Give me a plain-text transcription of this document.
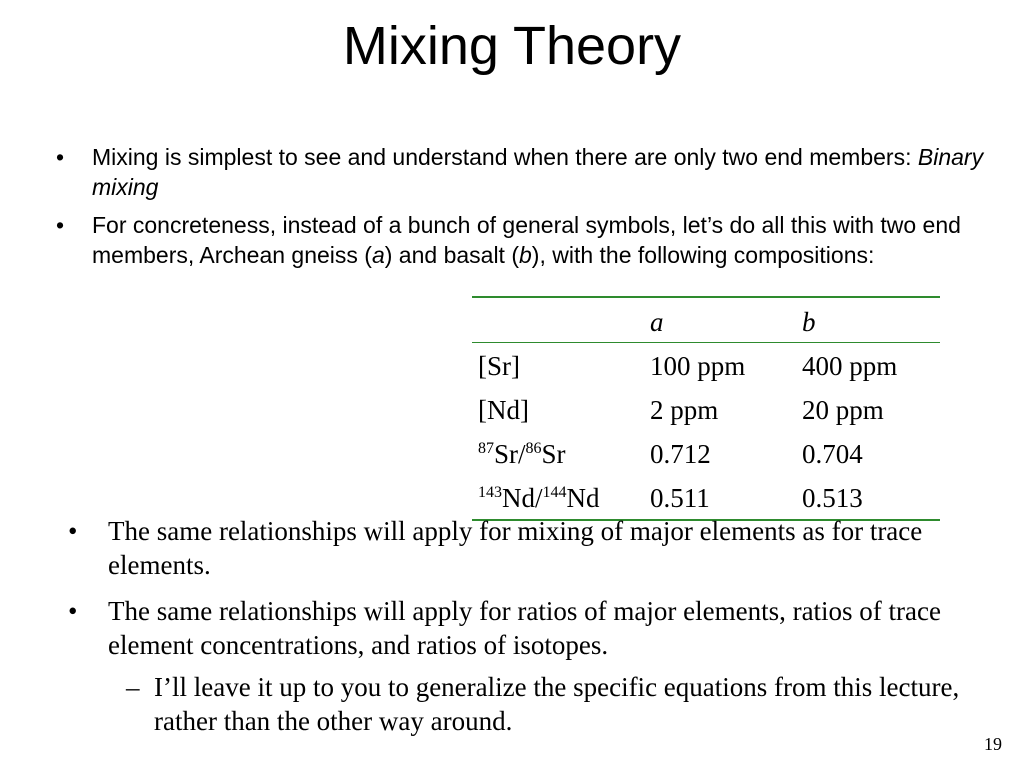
Mixing Theory
• Mixing is simplest to see and understand when there are only two end members: Binary mixing
• For concreteness, instead of a bunch of general symbols, let’s do all this with two end members, Archean gneiss (a) and basalt (b), with the following compositions:
	a	b
[Sr]	100 ppm	400 ppm
[Nd]	2 ppm	20 ppm
$^{87}$Sr/$^{86}$Sr	0.712	0.704
$^{143}$Nd/$^{144}$Nd	0.511	0.513
• The same relationships will apply for mixing of major elements as for trace elements.
• The same relationships will apply for ratios of major elements, ratios of trace element concentrations, and ratios of isotopes.
– I’ll leave it up to you to generalize the specific equations from this lecture, rather than the other way around.
19
